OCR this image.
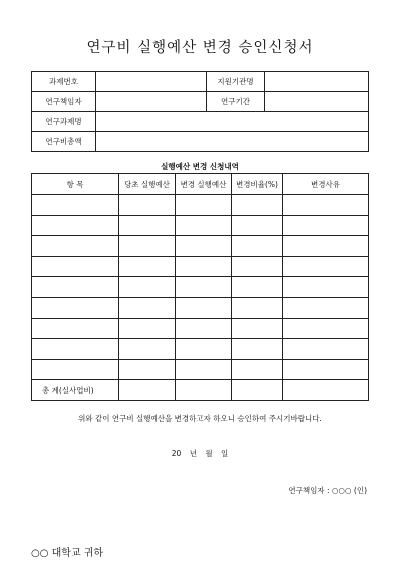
연구비 실행예산 변경 승인신청서
과제번호		지원기관명	
연구책임자		연구기간	
연구과제명			
연구비총액			
실행예산 변경 신청내역
항 목	당초 실행예산	변경 실행예산	변경비율(%)	변경사유

총 계(실사업비)				
위와 같이 연구비 실행예산을 변경하고자 하오니 승인하여 주시기바랍니다.
20 년 월 일
연구책임자 : ○○○ (인)
○○ 대학교 귀하
